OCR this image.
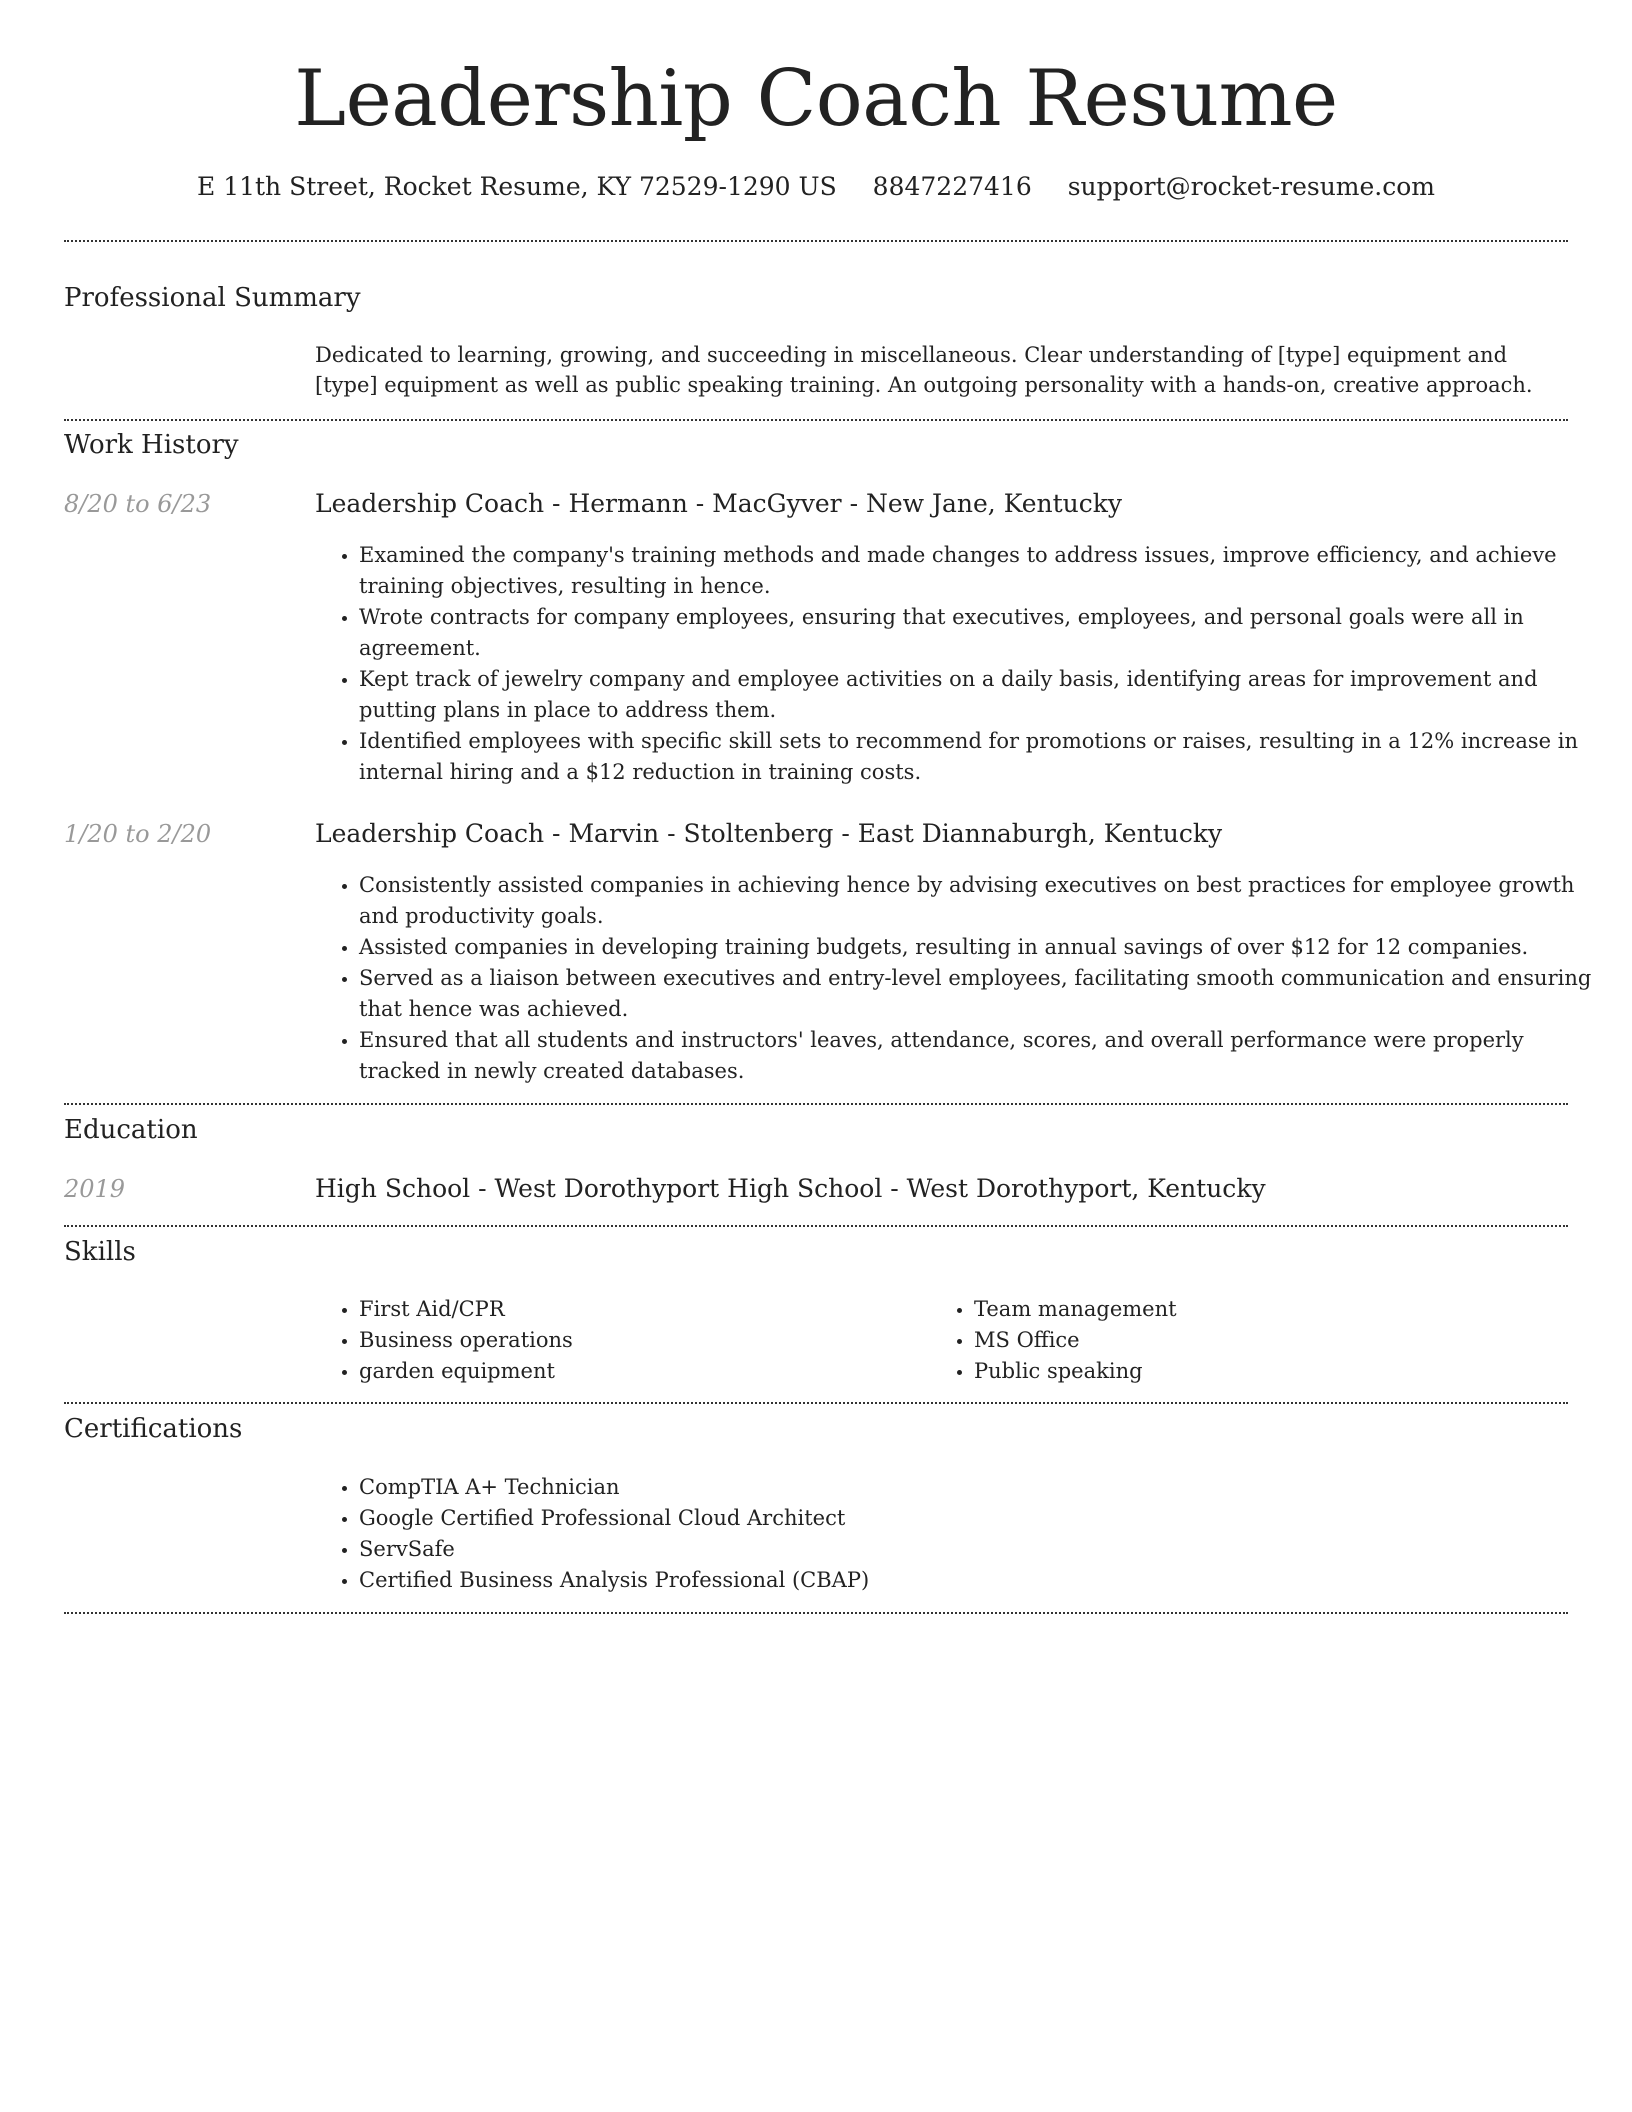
Leadership Coach Resume
E 11th Street, Rocket Resume, KY 72529-1290 US 8847227416 support@rocket-resume.com
Professional Summary
Dedicated to learning, growing, and succeeding in miscellaneous. Clear understanding of [type] equipment and [type] equipment as well as public speaking training. An outgoing personality with a hands-on, creative approach.
Work History
8/20 to 6/23	Leadership Coach - Hermann - MacGyver - New Jane, Kentucky
• Examined the company's training methods and made changes to address issues, improve efficiency, and achieve training objectives, resulting in hence.
• Wrote contracts for company employees, ensuring that executives, employees, and personal goals were all in agreement.
• Kept track of jewelry company and employee activities on a daily basis, identifying areas for improvement and putting plans in place to address them.
• Identified employees with specific skill sets to recommend for promotions or raises, resulting in a 12% increase in internal hiring and a $12 reduction in training costs.
1/20 to 2/20	Leadership Coach - Marvin - Stoltenberg - East Diannaburgh, Kentucky
• Consistently assisted companies in achieving hence by advising executives on best practices for employee growth and productivity goals.
• Assisted companies in developing training budgets, resulting in annual savings of over $12 for 12 companies.
• Served as a liaison between executives and entry-level employees, facilitating smooth communication and ensuring that hence was achieved.
• Ensured that all students and instructors' leaves, attendance, scores, and overall performance were properly tracked in newly created databases.
Education
2019	High School - West Dorothyport High School - West Dorothyport, Kentucky
Skills
• First Aid/CPR
• Business operations
• garden equipment
• Team management
• MS Office
• Public speaking
Certifications
• CompTIA A+ Technician
• Google Certified Professional Cloud Architect
• ServSafe
• Certified Business Analysis Professional (CBAP)
